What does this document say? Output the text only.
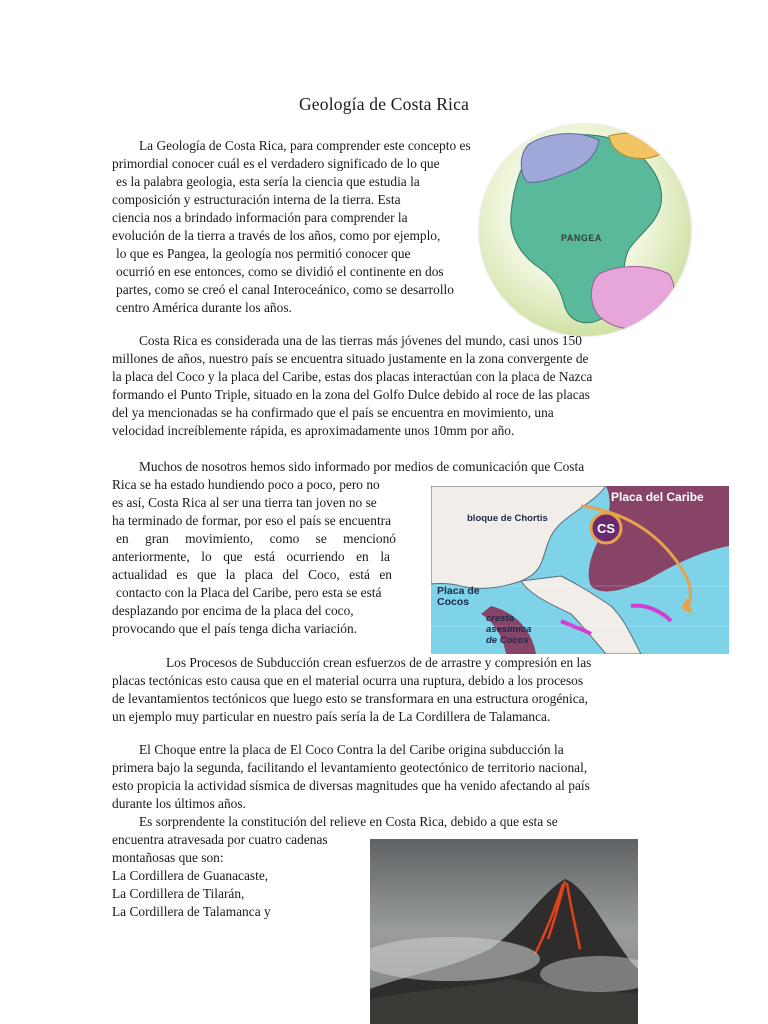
Geología de Costa Rica
La Geología de Costa Rica, para comprender este concepto es
primordial conocer cuál es el verdadero significado de lo que
es la palabra geologia, esta sería la ciencia que estudia la
composición y estructuración interna de la tierra. Esta
ciencia nos a brindado información para comprender la
evolución de la tierra a través de los años, como por ejemplo,
lo que es Pangea, la geología nos permitió conocer que
ocurrió en ese entonces, como se dividió el continente en dos
partes, como se creó el canal Interoceánico, como se desarrollo
centro América durante los años.
PANGEA
Costa Rica es considerada una de las tierras más jóvenes del mundo, casi unos 150
millones de años, nuestro país se encuentra situado justamente en la zona convergente de
la placa del Coco y la placa del Caribe, estas dos placas interactúan con la placa de Nazca
formando el Punto Triple, situado en la zona del Golfo Dulce debido al roce de las placas
del ya mencionadas se ha confirmado que el país se encuentra en movimiento, una
velocidad increíblemente rápida, es aproximadamente unos 10mm por año.
Muchos de nosotros hemos sido informado por medios de comunicación que Costa
Rica se ha estado hundiendo poco a poco, pero no
es así, Costa Rica al ser una tierra tan joven no se
ha terminado de formar, por eso el país se encuentra
en gran movimiento, como se mencionó
anteriormente, lo que está ocurriendo en la
actualidad es que la placa del Coco, está en
contacto con la Placa del Caribe, pero esta se está
desplazando por encima de la placa del coco,
provocando que el país tenga dicha variación.
CS
Placa del Caribe
bloque de Chortis
Placa de
Cocos
cresta
asesimica
de Cocos
Los Procesos de Subducción crean esfuerzos de de arrastre y compresión en las
placas tectónicas esto causa que en el material ocurra una ruptura, debido a los procesos
de levantamientos tectónicos que luego esto se transformara en una estructura orogénica,
un ejemplo muy particular en nuestro país sería la de La Cordillera de Talamanca.
El Choque entre la placa de El Coco Contra la del Caribe origina subducción la
primera bajo la segunda, facilitando el levantamiento geotectónico de territorio nacional,
esto propicia la actividad sísmica de diversas magnitudes que ha venido afectando al país
durante los últimos años.
Es sorprendente la constitución del relieve en Costa Rica, debido a que esta se
encuentra atravesada por cuatro cadenas
montañosas que son:
La Cordillera de Guanacaste,
La Cordillera de Tilarán,
La Cordillera de Talamanca y
